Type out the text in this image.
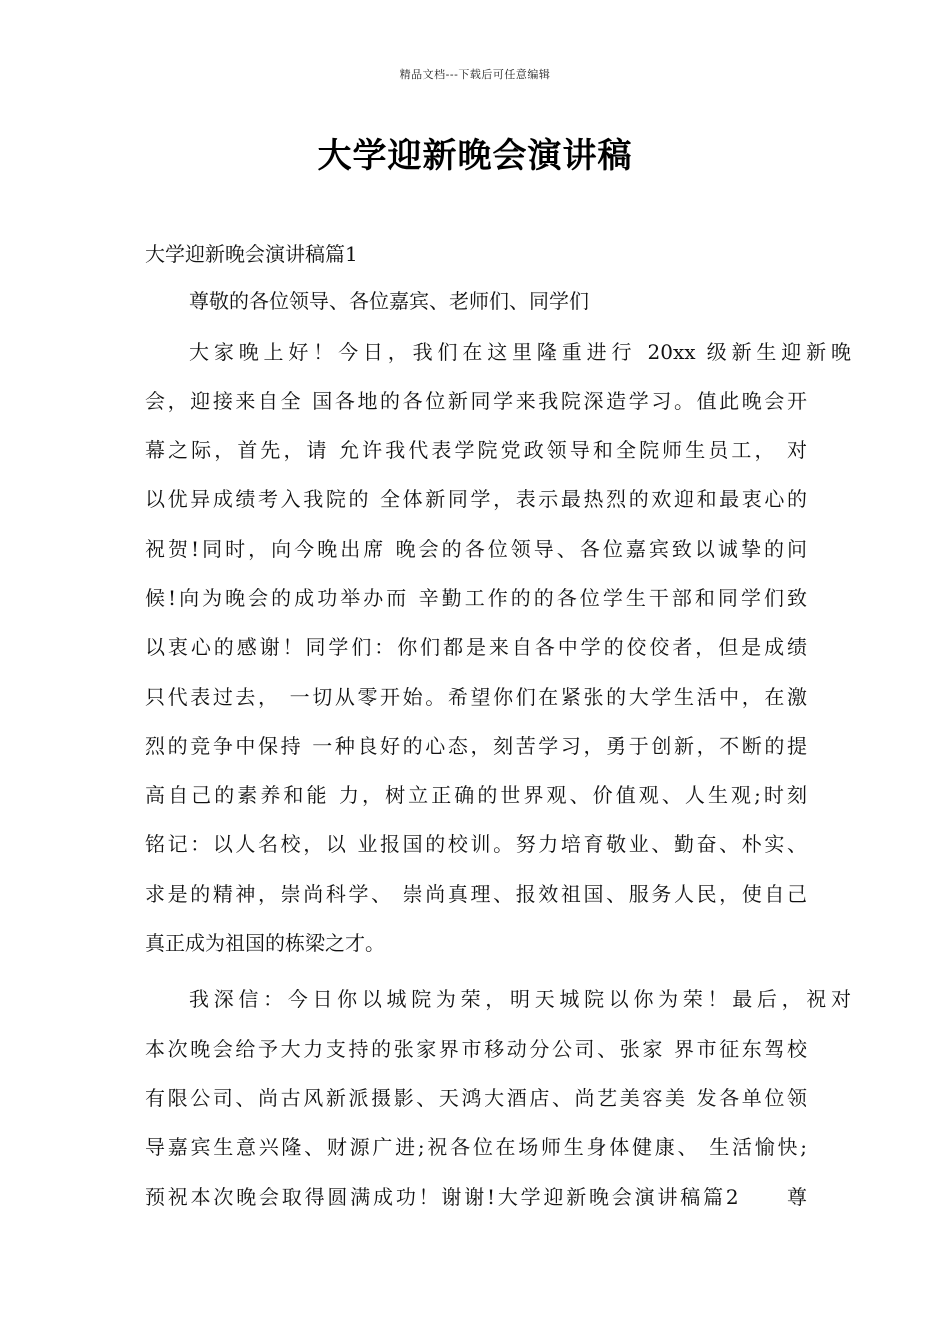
精品文档---下载后可任意编辑
大学迎新晚会演讲稿
大学迎新晚会演讲稿篇1

尊敬的各位领导、各位嘉宾、老师们、同学们

大家晚上好！今日，我们在这里隆重进行 20xx 级新生迎新晚

会，迎接来自全 国各地的各位新同学来我院深造学习。值此晚会开

幕之际，首先，请 允许我代表学院党政领导和全院师生员工， 对

以优异成绩考入我院的 全体新同学，表示最热烈的欢迎和最衷心的

祝贺!同时，向今晚出席 晚会的各位领导、各位嘉宾致以诚挚的问

候!向为晚会的成功举办而 辛勤工作的的各位学生干部和同学们致

以衷心的感谢！同学们：你们都是来自各中学的佼佼者，但是成绩

只代表过去， 一切从零开始。希望你们在紧张的大学生活中，在激

烈的竞争中保持 一种良好的心态，刻苦学习，勇于创新，不断的提

高自己的素养和能 力，树立正确的世界观、价值观、人生观;时刻

铭记：以人名校，以 业报国的校训。努力培育敬业、勤奋、朴实、

求是的精神，崇尚科学、 崇尚真理、报效祖国、服务人民，使自己

真正成为祖国的栋梁之才。

我深信：今日你以城院为荣，明天城院以你为荣！最后，祝对

本次晚会给予大力支持的张家界市移动分公司、张家 界市征东驾校

有限公司、尚古风新派摄影、天鸿大酒店、尚艺美容美 发各单位领

导嘉宾生意兴隆、财源广进;祝各位在场师生身体健康、 生活愉快;

预祝本次晚会取得圆满成功！谢谢!大学迎新晚会演讲稿篇2　　尊
